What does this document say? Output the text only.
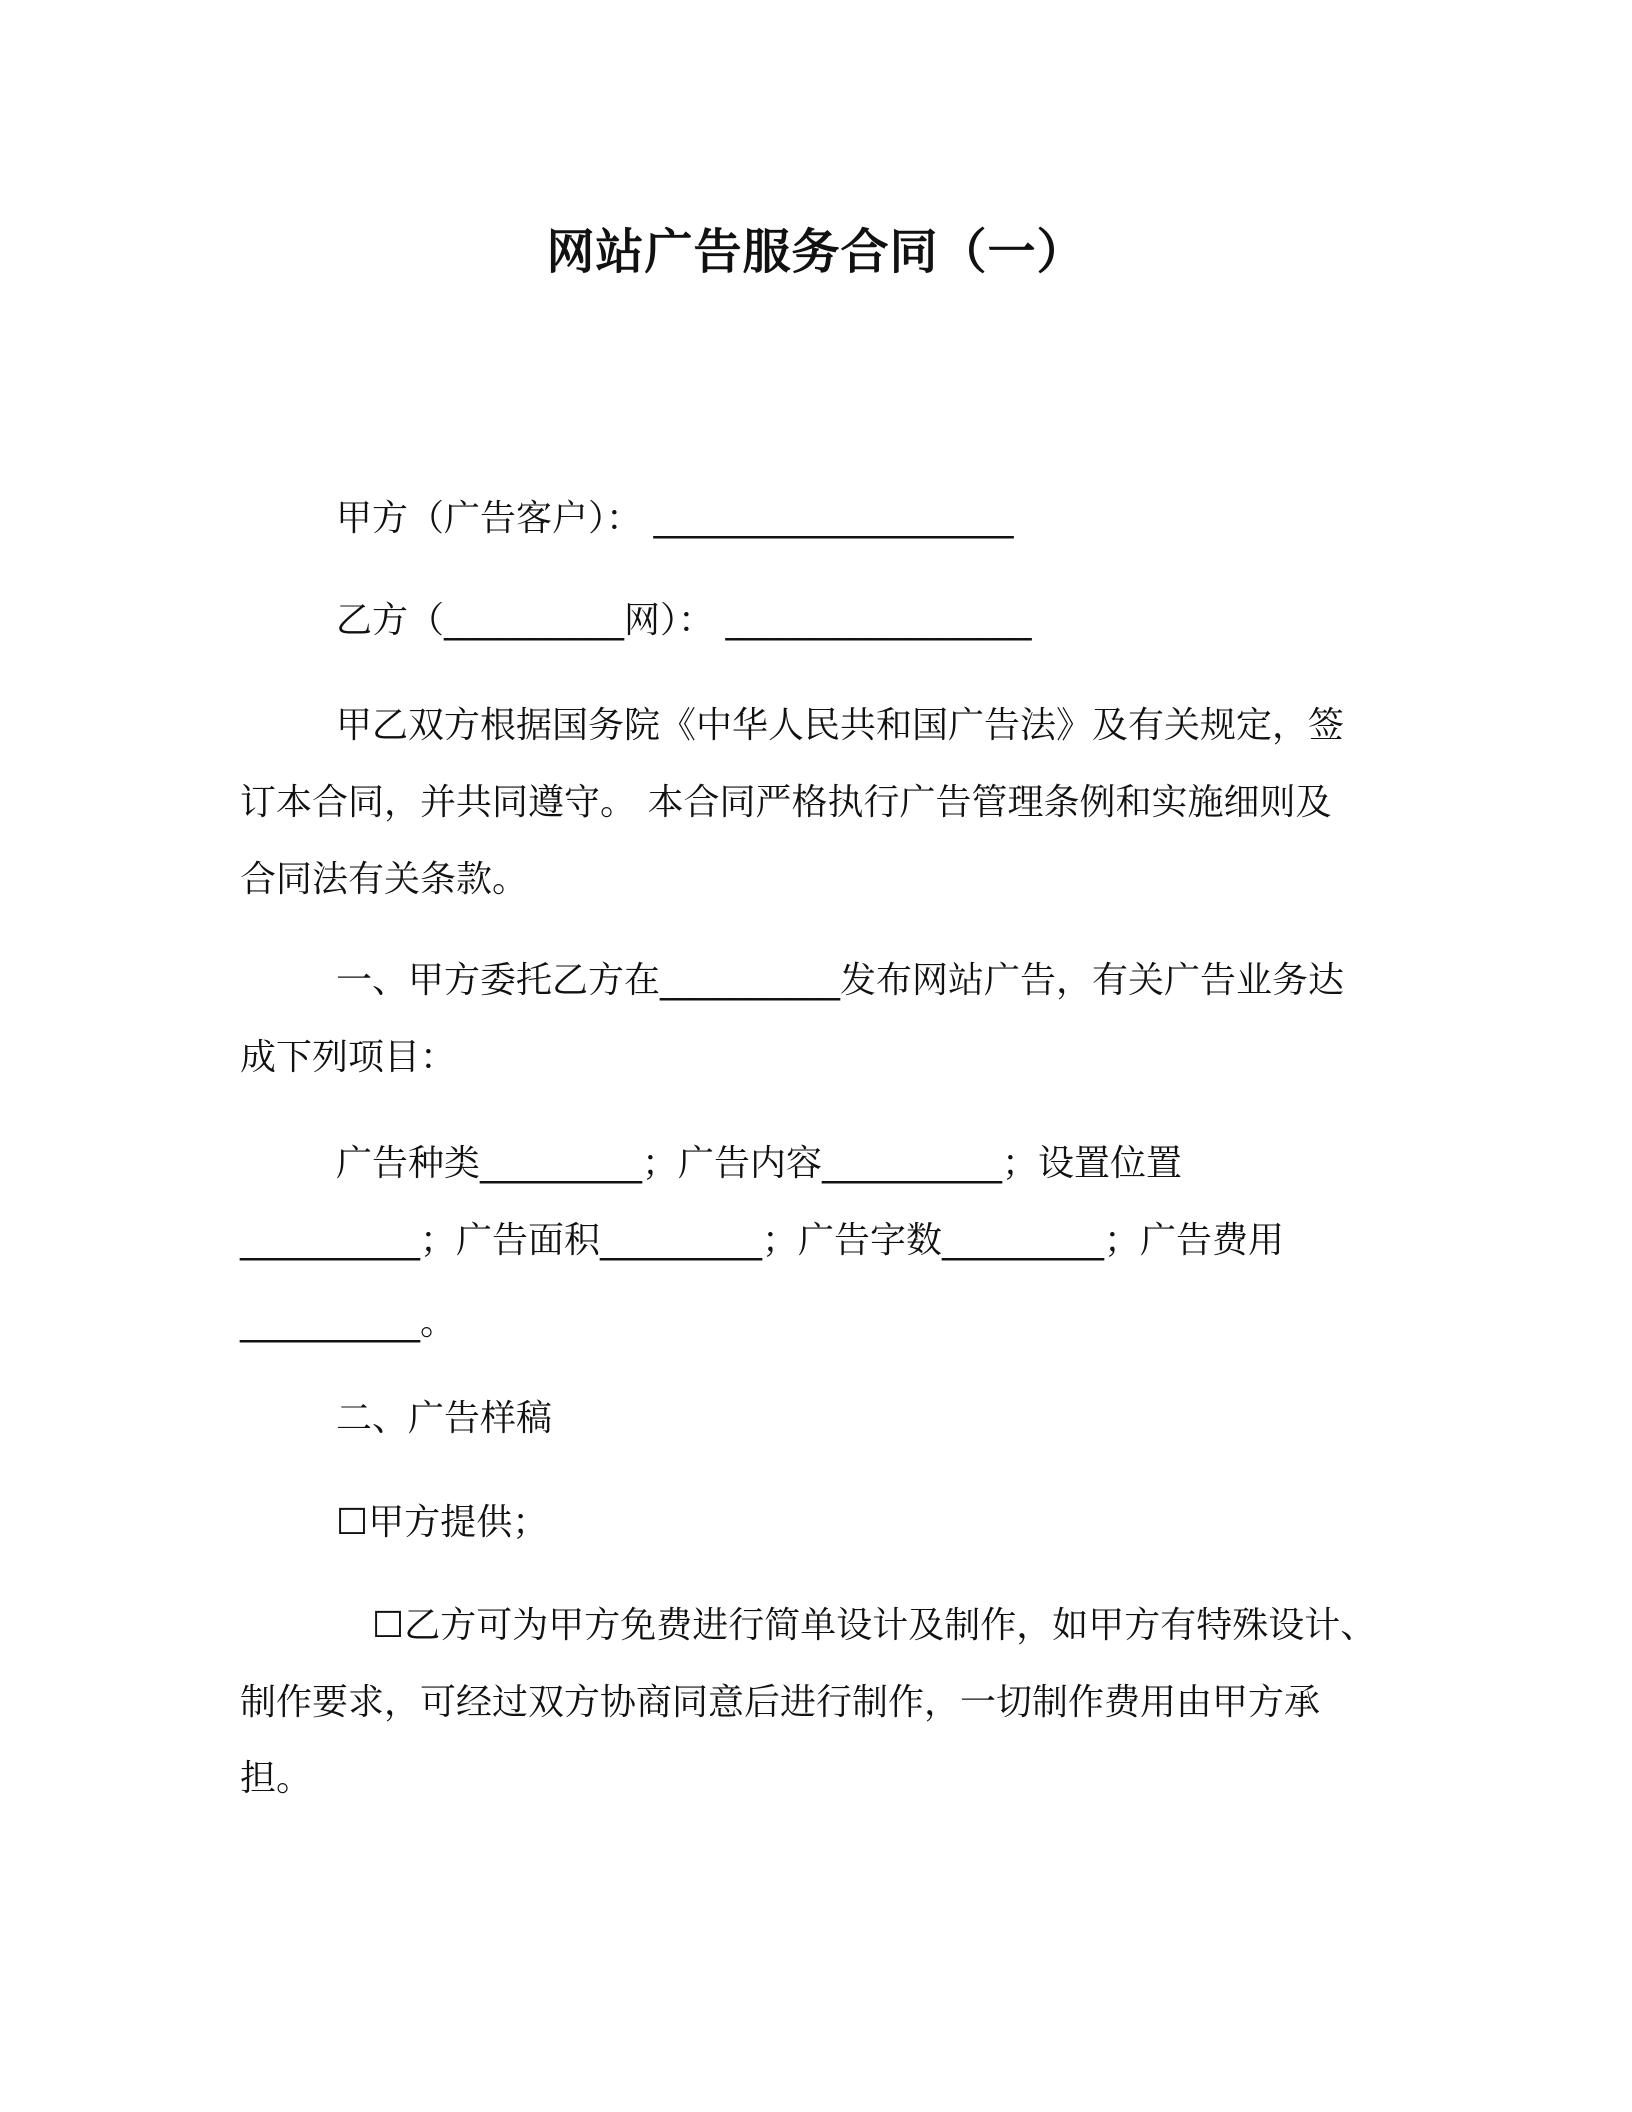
网站广告服务合同（一）
甲方（广告客户）： ____________________
乙方（__________网）： _________________
甲乙双方根据国务院《中华人民共和国广告法》及有关规定，签
订本合同，并共同遵守。 本合同严格执行广告管理条例和实施细则及
合同法有关条款。
一、甲方委托乙方在__________发布网站广告，有关广告业务达
成下列项目：
广告种类_________；广告内容__________；设置位置
__________；广告面积_________；广告字数_________；广告费用
__________。
二、广告样稿
☐甲方提供；
☐乙方可为甲方免费进行简单设计及制作，如甲方有特殊设计、
制作要求，可经过双方协商同意后进行制作，一切制作费用由甲方承
担。
